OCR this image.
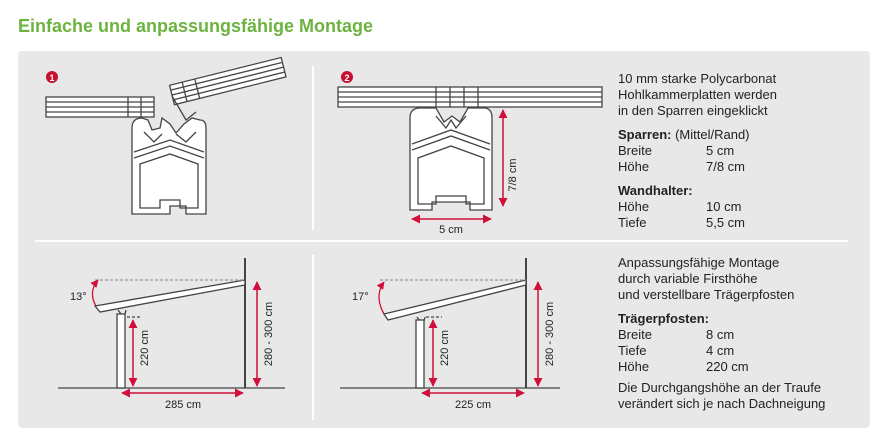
Einfache und anpassungsfähige Montage
1	2
7/8 cm
5 cm
13°
220 cm	280 - 300 cm
285 cm
17°
220 cm	280 - 300 cm
225 cm
10 mm starke Polycarbonat
Hohlkammerplatten werden
in den Sparren eingeklickt
Sparren: (Mittel/Rand)
Breite	5 cm
Höhe	7/8 cm
Wandhalter:
Höhe	10 cm
Tiefe	5,5 cm
Anpassungsfähige Montage
durch variable Firsthöhe
und verstellbare Trägerpfosten
Trägerpfosten:
Breite	8 cm
Tiefe	4 cm
Höhe	220 cm
Die Durchgangshöhe an der Traufe
verändert sich je nach Dachneigung
